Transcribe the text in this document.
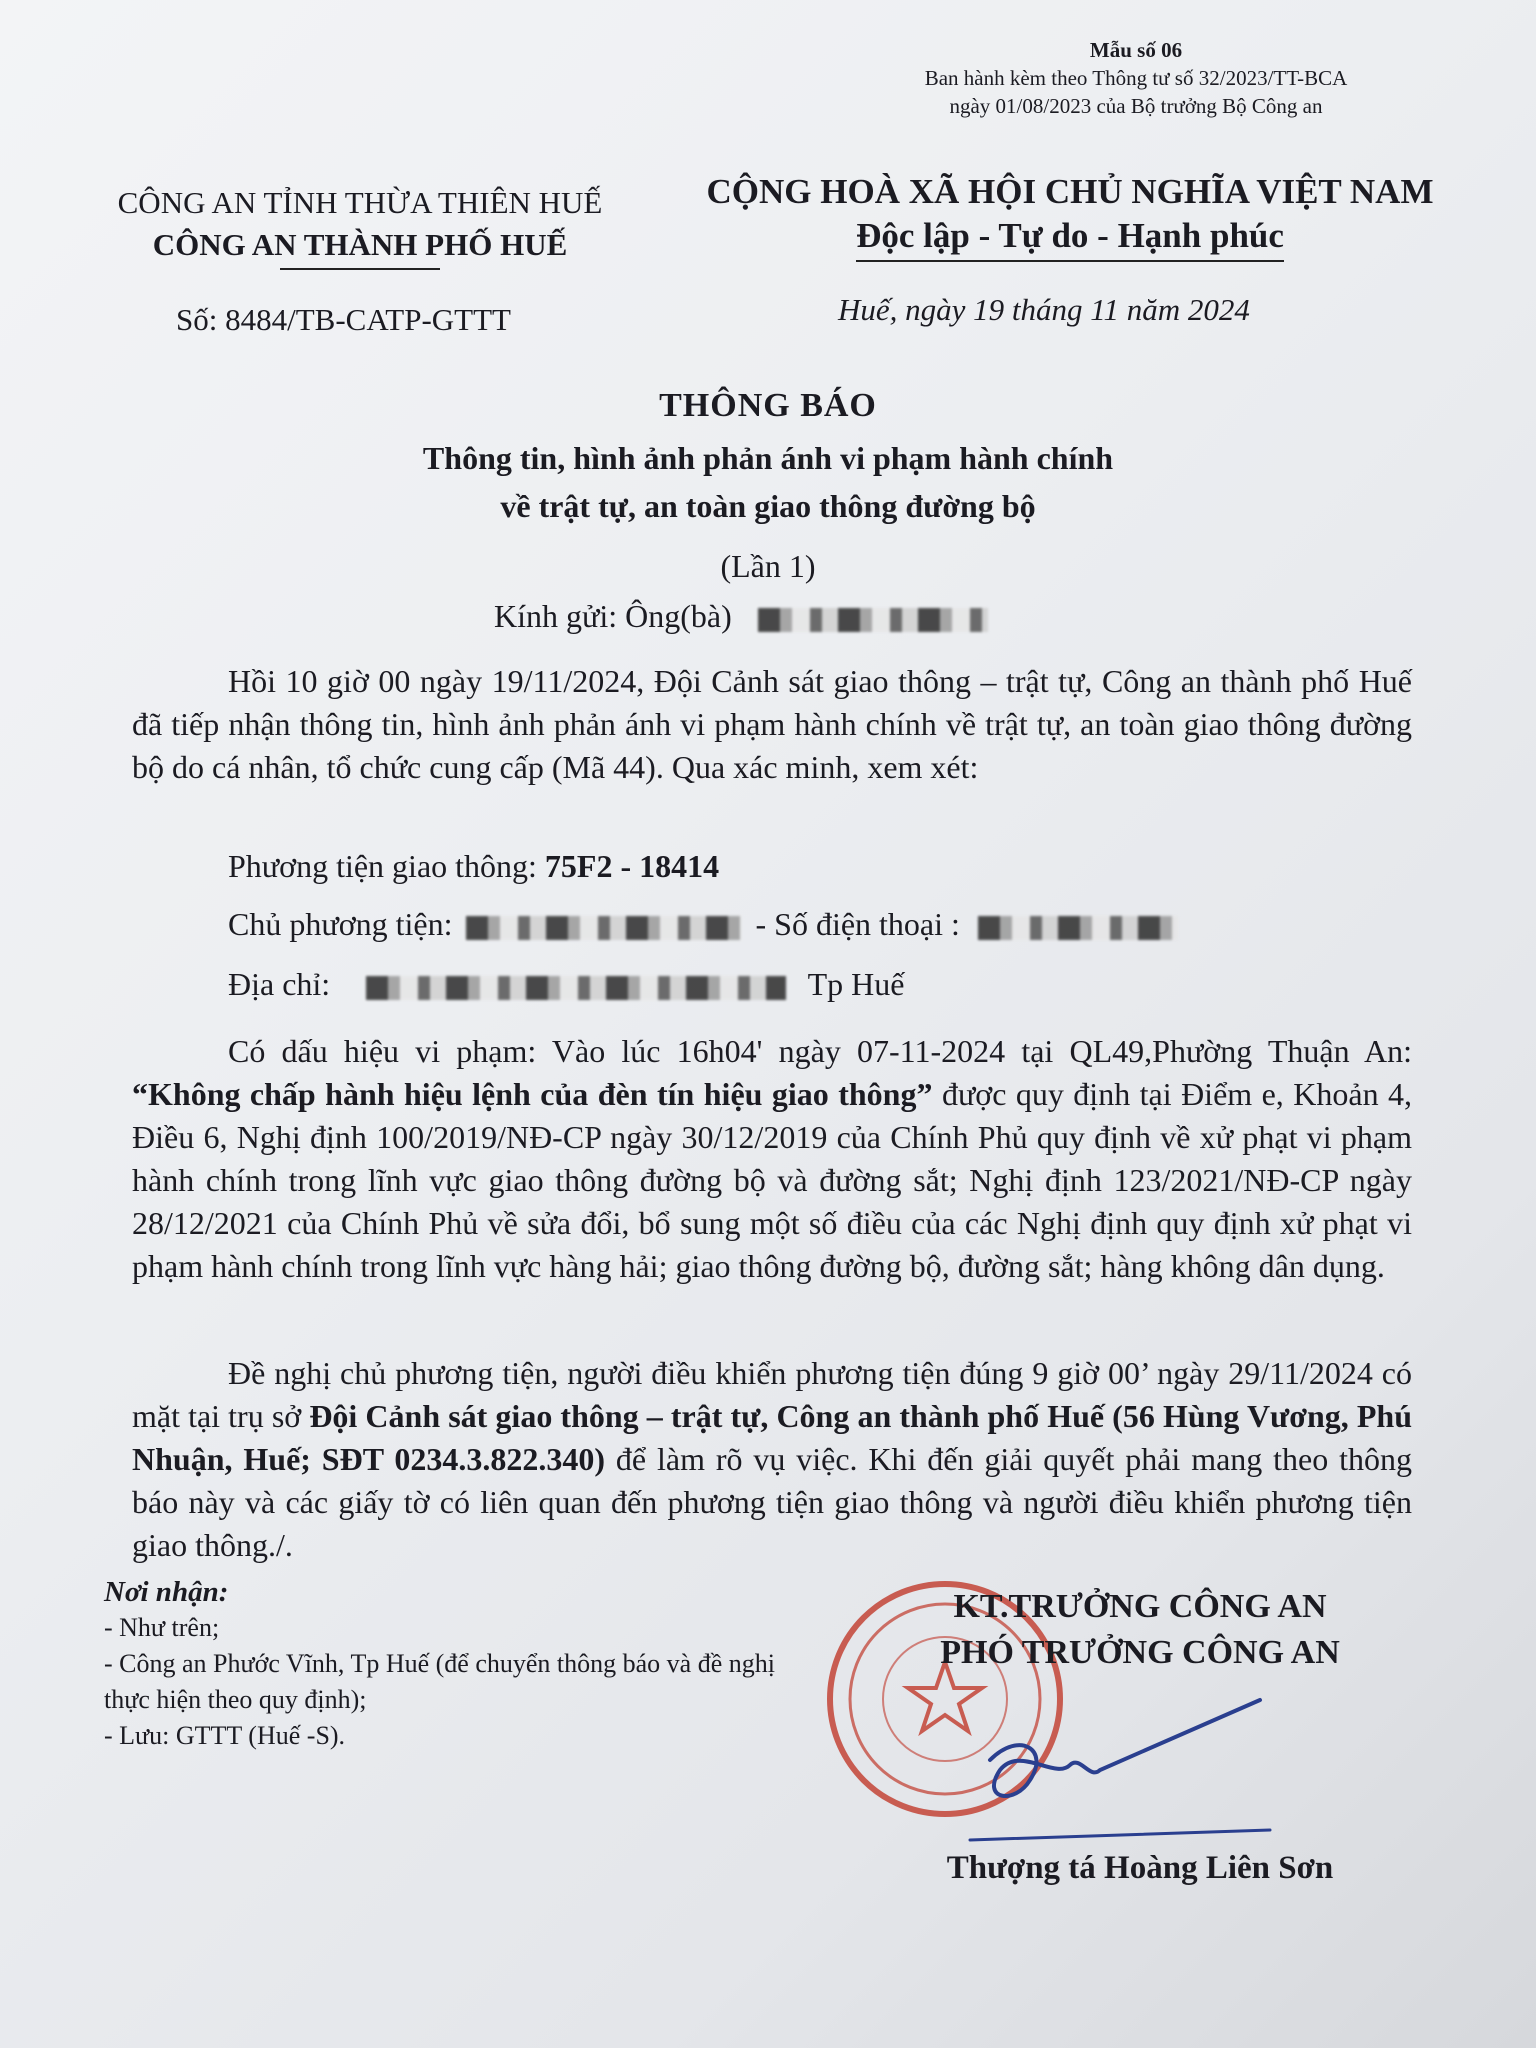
Mẫu số 06
Ban hành kèm theo Thông tư số 32/2023/TT-BCA
ngày 01/08/2023 của Bộ trưởng Bộ Công an
CÔNG AN TỈNH THỪA THIÊN HUẾ
CÔNG AN THÀNH PHỐ HUẾ
Số: 8484/TB-CATP-GTTT
CỘNG HOÀ XÃ HỘI CHỦ NGHĨA VIỆT NAM
Độc lập - Tự do - Hạnh phúc
Huế, ngày 19 tháng 11 năm 2024
THÔNG BÁO
Thông tin, hình ảnh phản ánh vi phạm hành chính
về trật tự, an toàn giao thông đường bộ
(Lần 1)
Kính gửi: Ông(bà)
Hồi 10 giờ 00 ngày 19/11/2024, Đội Cảnh sát giao thông – trật tự, Công an thành phố Huế đã tiếp nhận thông tin, hình ảnh phản ánh vi phạm hành chính về trật tự, an toàn giao thông đường bộ do cá nhân, tổ chức cung cấp (Mã 44). Qua xác minh, xem xét:
Phương tiện giao thông: 75F2 - 18414
Chủ phương tiện:	- Số điện thoại :
Địa chỉ:	Tp Huế
Có dấu hiệu vi phạm: Vào lúc 16h04' ngày 07-11-2024 tại QL49,Phường Thuận An: “Không chấp hành hiệu lệnh của đèn tín hiệu giao thông” được quy định tại Điểm e, Khoản 4, Điều 6, Nghị định 100/2019/NĐ-CP ngày 30/12/2019 của Chính Phủ quy định về xử phạt vi phạm hành chính trong lĩnh vực giao thông đường bộ và đường sắt; Nghị định 123/2021/NĐ-CP ngày 28/12/2021 của Chính Phủ về sửa đổi, bổ sung một số điều của các Nghị định quy định xử phạt vi phạm hành chính trong lĩnh vực hàng hải; giao thông đường bộ, đường sắt; hàng không dân dụng.
Đề nghị chủ phương tiện, người điều khiển phương tiện đúng 9 giờ 00’ ngày 29/11/2024 có mặt tại trụ sở Đội Cảnh sát giao thông – trật tự, Công an thành phố Huế (56 Hùng Vương, Phú Nhuận, Huế; SĐT 0234.3.822.340) để làm rõ vụ việc. Khi đến giải quyết phải mang theo thông báo này và các giấy tờ có liên quan đến phương tiện giao thông và người điều khiển phương tiện giao thông./.
Nơi nhận:
- Như trên;
- Công an Phước Vĩnh, Tp Huế (để chuyển thông báo và đề nghị thực hiện theo quy định);
- Lưu: GTTT (Huế -S).
KT.TRƯỞNG CÔNG AN
PHÓ TRƯỞNG CÔNG AN
Thượng tá Hoàng Liên Sơn
